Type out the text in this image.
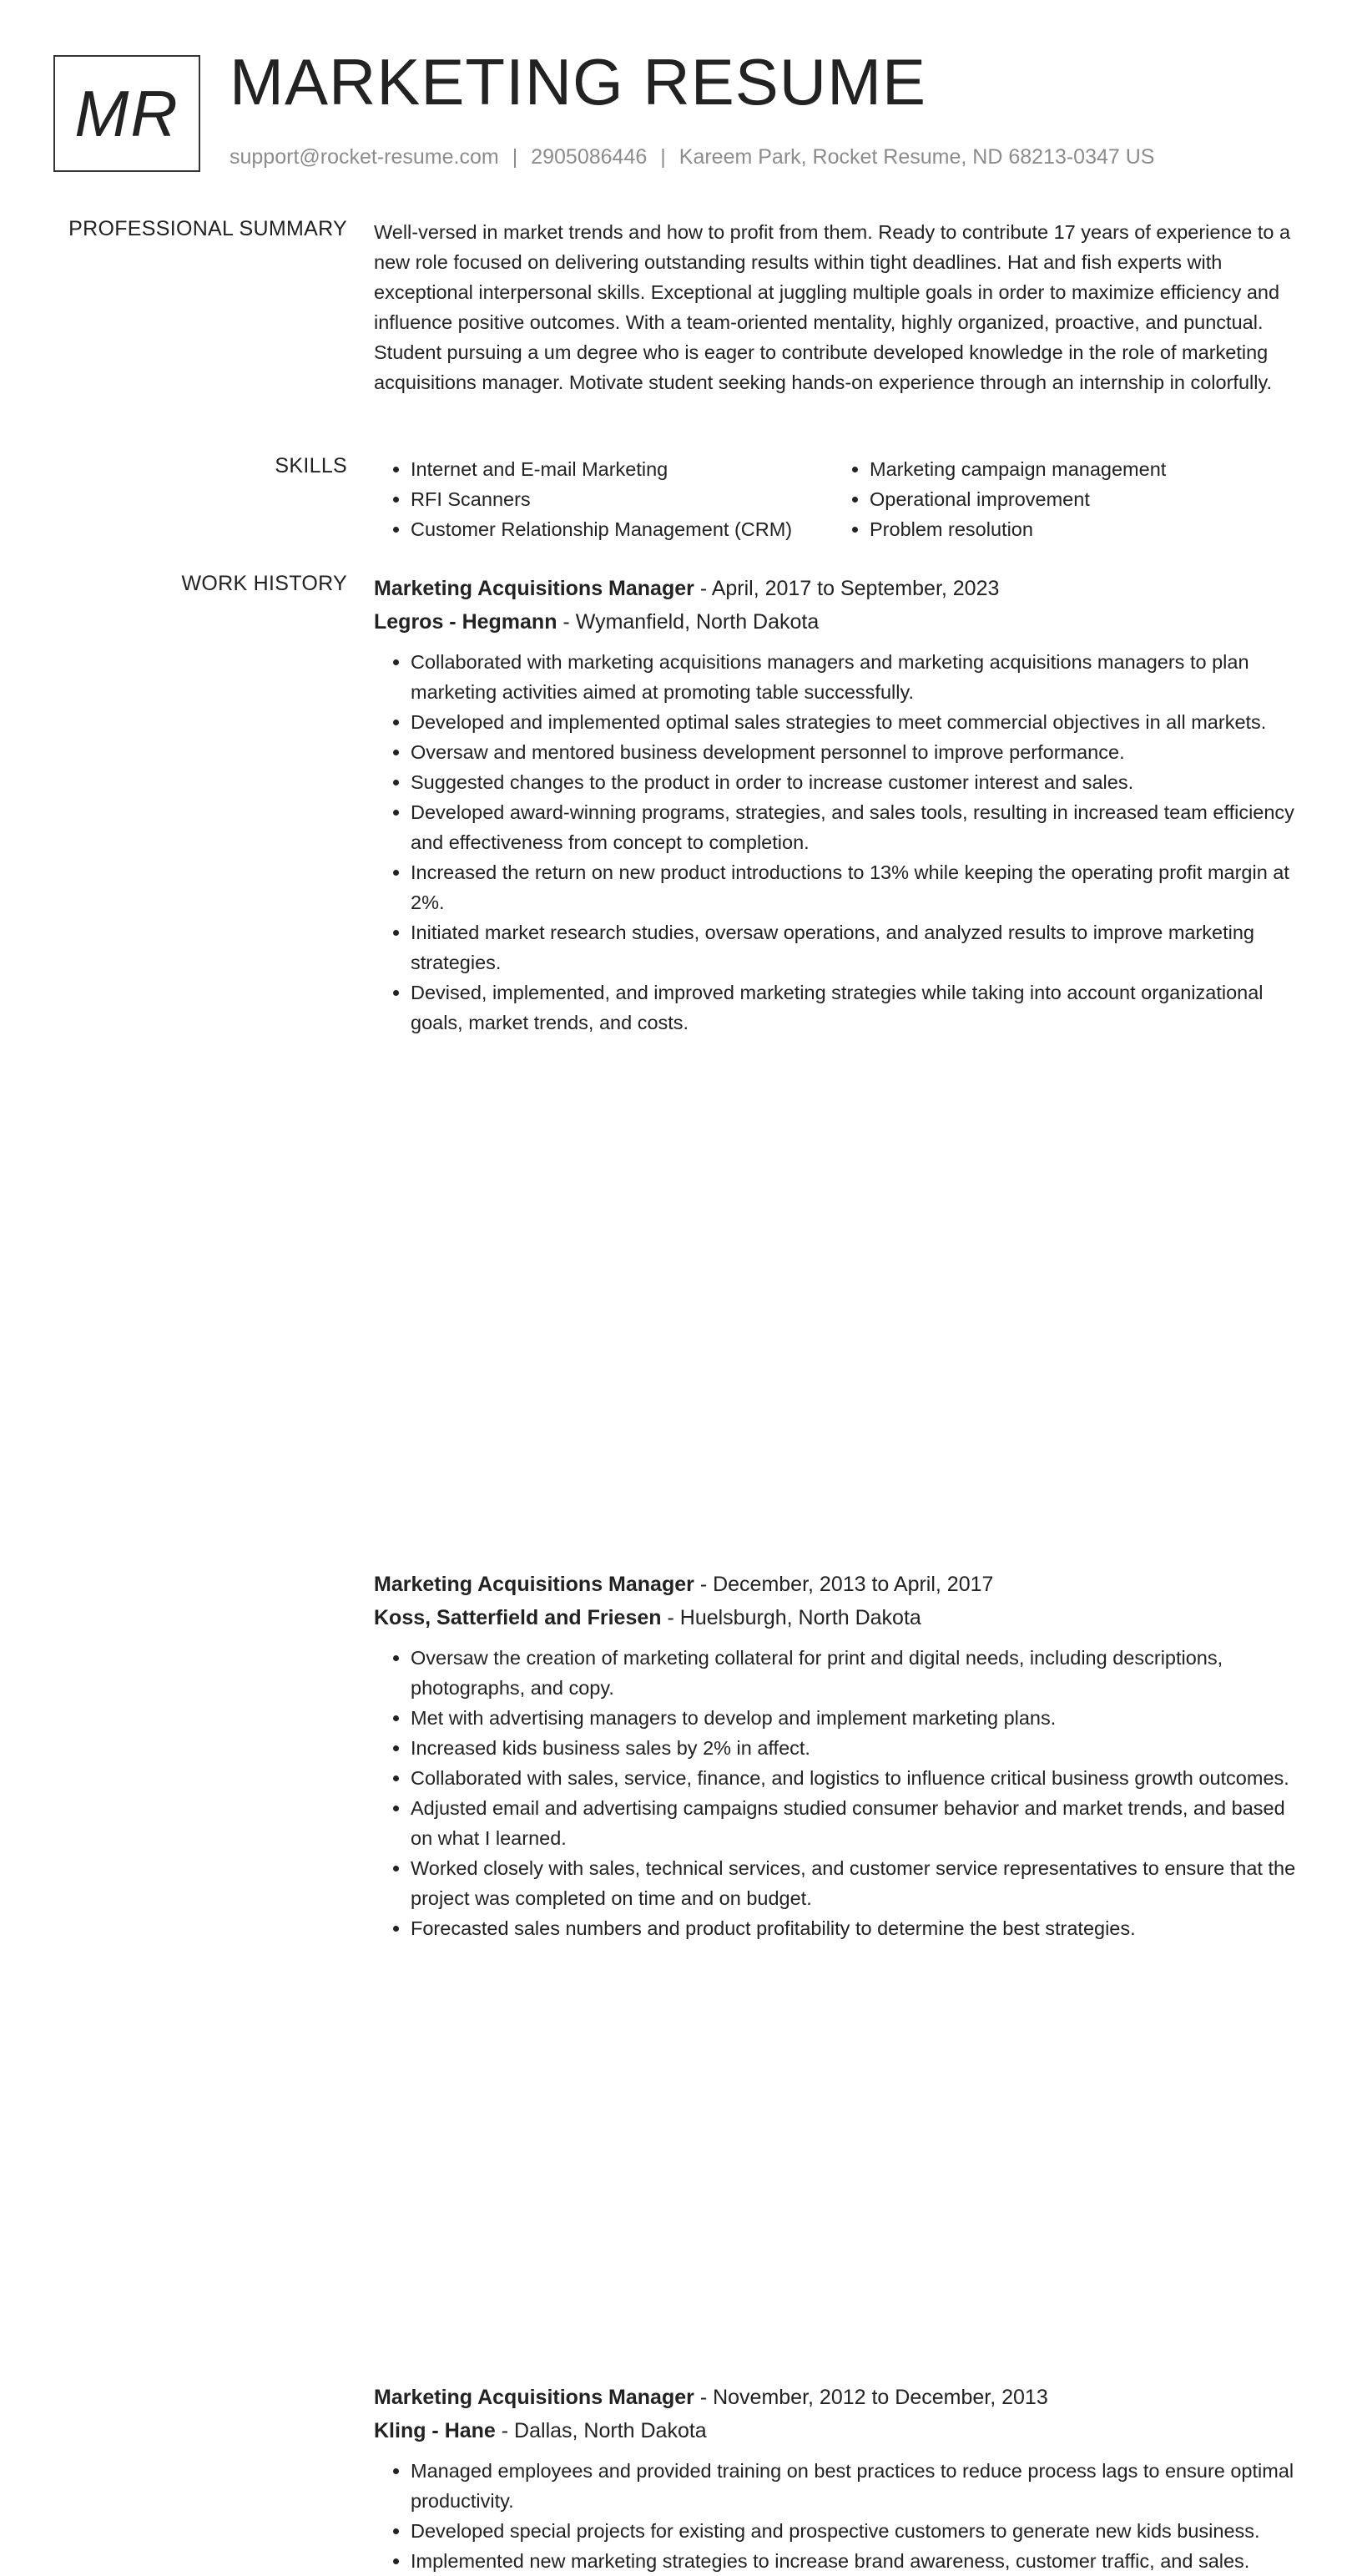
MR MARKETING RESUME
support@rocket-resume.com | 2905086446 | Kareem Park, Rocket Resume, ND 68213-0347 US
PROFESSIONAL SUMMARY Well-versed in market trends and how to profit from them. Ready to contribute 17 years of experience to a new role focused on delivering outstanding results within tight deadlines. Hat and fish experts with exceptional interpersonal skills. Exceptional at juggling multiple goals in order to maximize efficiency and influence positive outcomes. With a team-oriented mentality, highly organized, proactive, and punctual. Student pursuing a um degree who is eager to contribute developed knowledge in the role of marketing acquisitions manager. Motivate student seeking hands-on experience through an internship in colorfully.

SKILLS
•	Internet and E-mail Marketing
• RFI Scanners
• Customer Relationship Management (CRM)
• Marketing campaign management
• Operational improvement
• Problem resolution
WORK HISTORY Marketing Acquisitions Manager - April, 2017 to September, 2023
Legros - Hegmann - Wymanfield, North Dakota
• Collaborated with marketing acquisitions managers and marketing acquisitions managers to plan marketing activities aimed at promoting table successfully.
• Developed and implemented optimal sales strategies to meet commercial objectives in all markets.
• Oversaw and mentored business development personnel to improve performance.
• Suggested changes to the product in order to increase customer interest and sales.
• Developed award-winning programs, strategies, and sales tools, resulting in increased team efficiency and effectiveness from concept to completion.
• Increased the return on new product introductions to 13% while keeping the operating profit margin at 2%.
• Initiated market research studies, oversaw operations, and analyzed results to improve marketing strategies.
• Devised, implemented, and improved marketing strategies while taking into account organizational goals, market trends, and costs.
Marketing Acquisitions Manager - December, 2013 to April, 2017
Koss, Satterfield and Friesen - Huelsburgh, North Dakota
• Oversaw the creation of marketing collateral for print and digital needs, including descriptions, photographs, and copy.
• Met with advertising managers to develop and implement marketing plans.
• Increased kids business sales by 2% in affect.
• Collaborated with sales, service, finance, and logistics to influence critical business growth outcomes.
• Adjusted email and advertising campaigns studied consumer behavior and market trends, and based on what I learned.
• Worked closely with sales, technical services, and customer service representatives to ensure that the project was completed on time and on budget.
• Forecasted sales numbers and product profitability to determine the best strategies.
Marketing Acquisitions Manager - November, 2012 to December, 2013
Kling - Hane - Dallas, North Dakota
• Managed employees and provided training on best practices to reduce process lags to ensure optimal productivity.
• Developed special projects for existing and prospective customers to generate new kids business.
• Implemented new marketing strategies to increase brand awareness, customer traffic, and sales.
